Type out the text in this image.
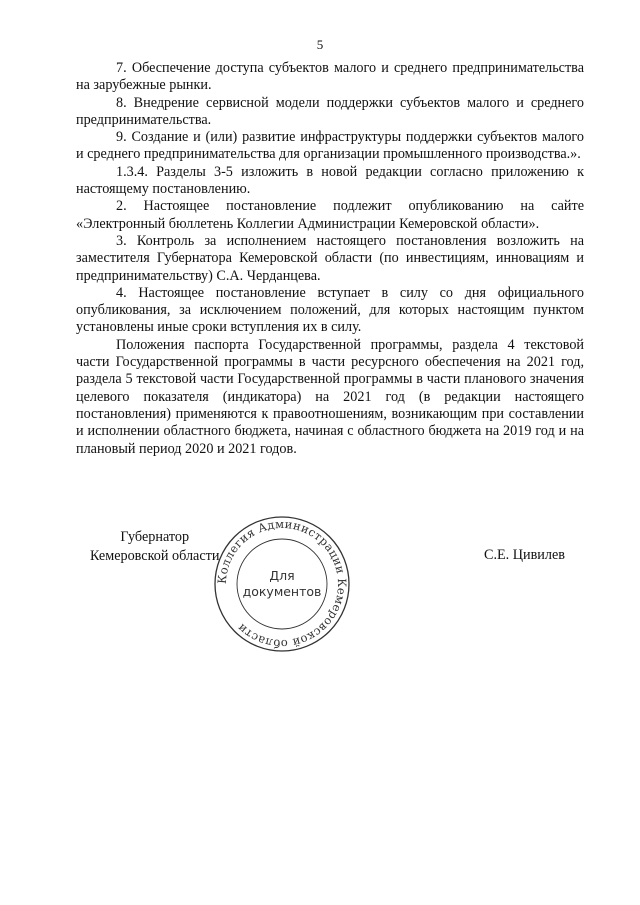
5

7. Обеспечение доступа субъектов малого и среднего предпринимательства на зарубежные рынки.

8. Внедрение сервисной модели поддержки субъектов малого и среднего предпринимательства.

9. Создание и (или) развитие инфраструктуры поддержки субъектов малого и среднего предпринимательства для организации промышленного производства.».

1.3.4. Разделы 3-5 изложить в новой редакции согласно приложению к настоящему постановлению.

2. Настоящее постановление подлежит опубликованию на сайте «Электронный бюллетень Коллегии Администрации Кемеровской области».

3. Контроль за исполнением настоящего постановления возложить на заместителя Губернатора Кемеровской области (по инвестициям, инновациям и предпринимательству) С.А. Черданцева.

4. Настоящее постановление вступает в силу со дня официального опубликования, за исключением положений, для которых настоящим пунктом установлены иные сроки вступления их в силу.

Положения паспорта Государственной программы, раздела 4 текстовой части Государственной программы в части ресурсного обеспечения на 2021 год, раздела 5 текстовой части Государственной программы в части планового значения целевого показателя (индикатора) на 2021 год (в редакции настоящего постановления) применяются к правоотношениям, возникающим при составлении и исполнении областного бюджета, начиная с областного бюджета на 2019 год и на плановый период 2020 и 2021 годов.

Губернатор
Кемеровской области
Коллегия Администрации Кемеровской области
Для
документов
С.Е. Цивилев
